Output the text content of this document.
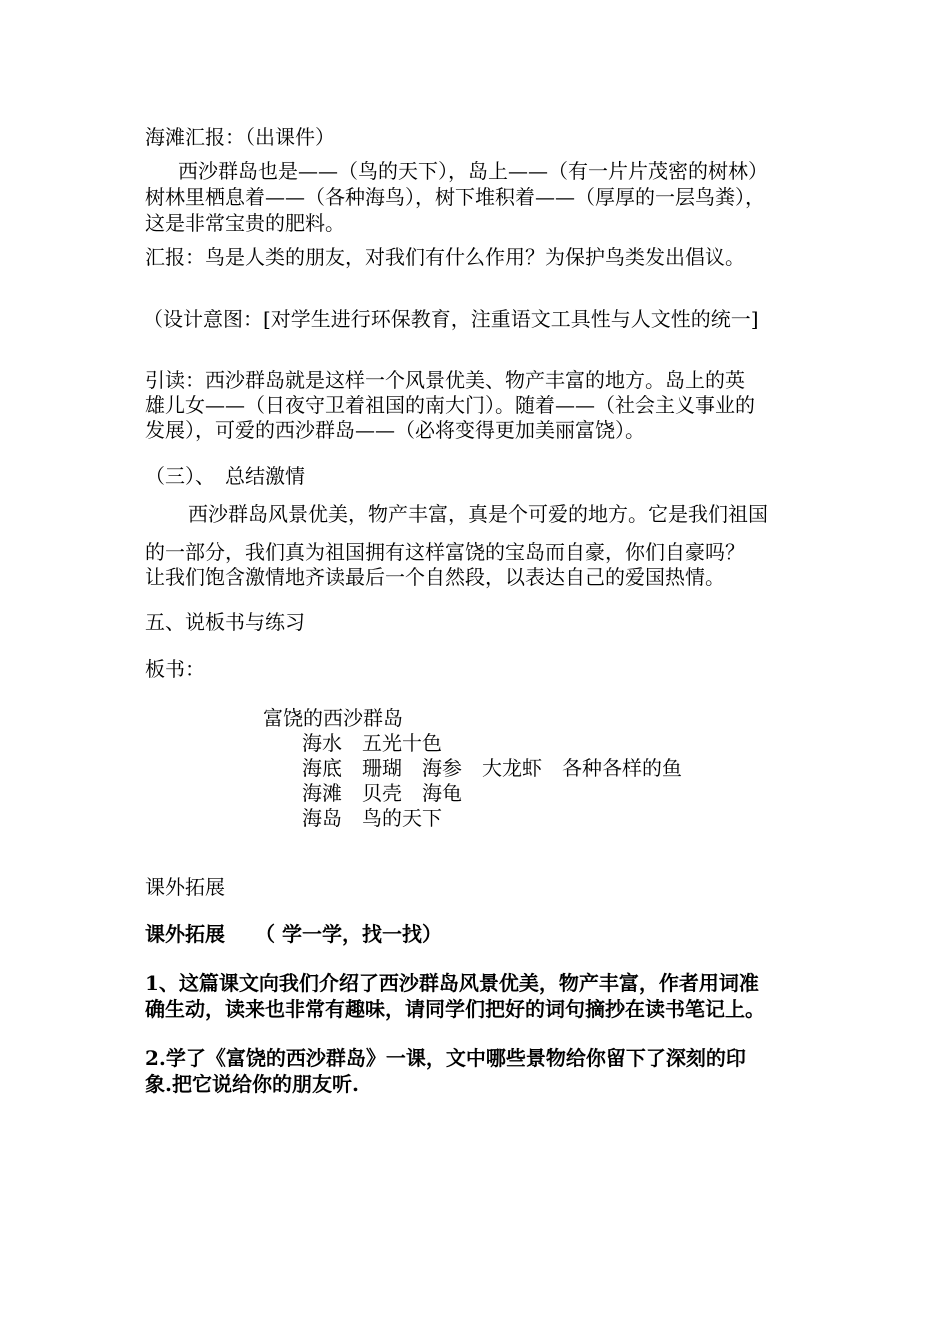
海滩汇报：（出课件）
西沙群岛也是——（鸟的天下），岛上——（有一片片茂密的树林）
树林里栖息着——（各种海鸟），树下堆积着——（厚厚的一层鸟粪），
这是非常宝贵的肥料。
汇报：鸟是人类的朋友，对我们有什么作用？为保护鸟类发出倡议。
（设计意图：[对学生进行环保教育，注重语文工具性与人文性的统一]
引读：西沙群岛就是这样一个风景优美、物产丰富的地方。岛上的英
雄儿女——（日夜守卫着祖国的南大门）。随着——（社会主义事业的
发展），可爱的西沙群岛——（必将变得更加美丽富饶）。
（三）、　总结激情
西沙群岛风景优美，物产丰富，真是个可爱的地方。它是我们祖国
的一部分，我们真为祖国拥有这样富饶的宝岛而自豪，你们自豪吗？
让我们饱含激情地齐读最后一个自然段，以表达自己的爱国热情。
五、说板书与练习
板书：
富饶的西沙群岛
海水　五光十色
海底　珊瑚　海参　大龙虾　各种各样的鱼
海滩　贝壳　海龟
海岛　鸟的天下
课外拓展
课外拓展　　（ 学一学，找一找）
1、这篇课文向我们介绍了西沙群岛风景优美，物产丰富，作者用词准
确生动，读来也非常有趣味，请同学们把好的词句摘抄在读书笔记上。
2.学了《富饶的西沙群岛》一课，文中哪些景物给你留下了深刻的印
象.把它说给你的朋友听.
